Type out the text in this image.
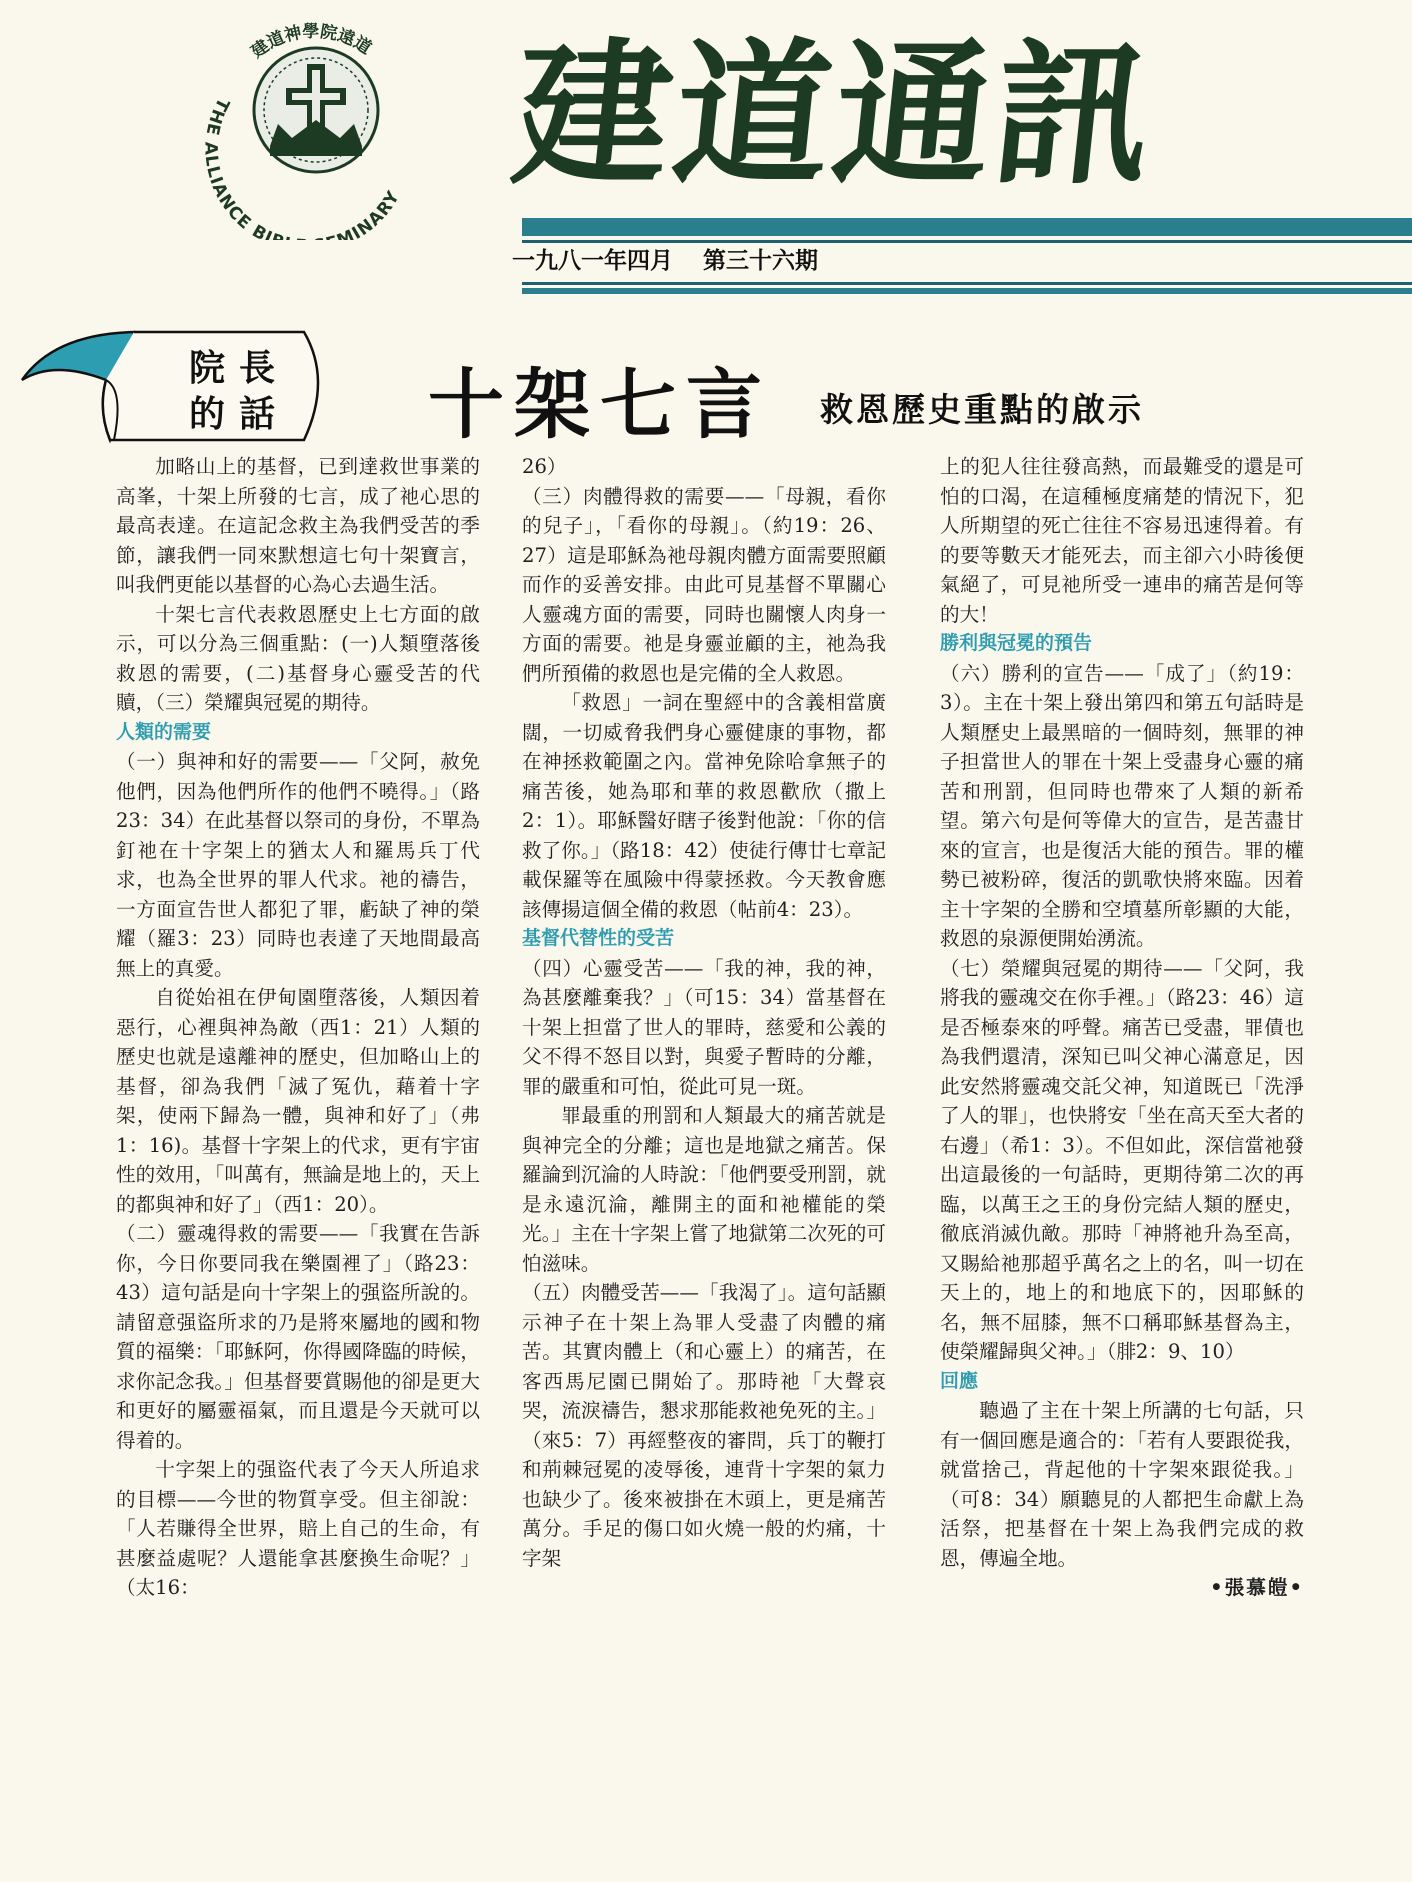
建道神學院遠道
THE ALLIANCE BI MINARY 建道通訊
一九八一年四月 第三十六期
院長
的話 十架七言 救恩歷史重點的啟示

加略山上的基督，已到達救世事業的高峯，十架上所發的七言，成了祂心思的最高表達。在這記念救主為我們受苦的季節，讓我們一同來默想這七句十架寶言，叫我們更能以基督的心為心去過生活。

十架七言代表救恩歷史上七方面的啟示，可以分為三個重點：(一)人類墮落後救恩的需要，(二)基督身心靈受苦的代贖，（三）榮耀與冠冕的期待。

人類的需要

（一）與神和好的需要——「父阿，赦免他們，因為他們所作的他們不曉得。」（路23：34）在此基督以祭司的身份，不單為釘祂在十字架上的猶太人和羅馬兵丁代求，也為全世界的罪人代求。祂的禱告，一方面宣告世人都犯了罪，虧缺了神的榮耀（羅3：23）同時也表達了天地間最高無上的真愛。

自從始祖在伊甸園墮落後，人類因着惡行，心裡與神為敵（西1：21）人類的歷史也就是遠離神的歷史，但加略山上的基督，卻為我們「滅了冤仇，藉着十字架，使兩下歸為一體，與神和好了」（弗1：16)。基督十字架上的代求，更有宇宙性的效用，「叫萬有，無論是地上的，天上的都與神和好了」（西1：20）。

（二）靈魂得救的需要——「我實在告訴你，今日你要同我在樂園裡了」（路23：43）這句話是向十字架上的强盜所說的。請留意强盜所求的乃是將來屬地的國和物質的福樂：「耶穌阿，你得國降臨的時候，求你記念我。」但基督要賞賜他的卻是更大和更好的屬靈福氣，而且還是今天就可以得着的。

十字架上的强盜代表了今天人所追求的目標——今世的物質享受。但主卻說：「人若賺得全世界，賠上自己的生命，有甚麼益處呢？人還能拿甚麼換生命呢？」（太16：

26）

（三）肉體得救的需要——「母親，看你的兒子」，「看你的母親」。（約19：26、27）這是耶穌為祂母親肉體方面需要照顧而作的妥善安排。由此可見基督不單關心人靈魂方面的需要，同時也關懷人肉身一方面的需要。祂是身靈並顧的主，祂為我們所預備的救恩也是完備的全人救恩。

「救恩」一詞在聖經中的含義相當廣闊，一切威脅我們身心靈健康的事物，都在神拯救範圍之內。當神免除哈拿無子的痛苦後，她為耶和華的救恩歡欣（撒上2：1）。耶穌醫好瞎子後對他說：「你的信救了你。」（路18：42）使徒行傳廿七章記載保羅等在風險中得蒙拯救。今天教會應該傳揚這個全備的救恩（帖前4：23）。

基督代替性的受苦

（四）心靈受苦——「我的神，我的神，為甚麼離棄我？」（可15：34）當基督在十架上担當了世人的罪時，慈愛和公義的父不得不怒目以對，與愛子暫時的分離，罪的嚴重和可怕，從此可見一斑。

罪最重的刑罰和人類最大的痛苦就是與神完全的分離；這也是地獄之痛苦。保羅論到沉淪的人時說：「他們要受刑罰，就是永遠沉淪，離開主的面和祂權能的榮光。」主在十字架上嘗了地獄第二次死的可怕滋味。

（五）肉體受苦——「我渴了」。這句話顯示神子在十架上為罪人受盡了肉體的痛苦。其實肉體上（和心靈上）的痛苦，在客西馬尼園已開始了。那時祂「大聲哀哭，流淚禱告，懇求那能救祂免死的主。」（來5：7）再經整夜的審問，兵丁的鞭打和荊棘冠冕的凌辱後，連背十字架的氣力也缺少了。後來被掛在木頭上，更是痛苦萬分。手足的傷口如火燒一般的灼痛，十字架

上的犯人往往發高熱，而最難受的還是可怕的口渴，在這種極度痛楚的情況下，犯人所期望的死亡往往不容易迅速得着。有的要等數天才能死去，而主卻六小時後便氣絕了，可見祂所受一連串的痛苦是何等的大！

勝利與冠冕的預告

（六）勝利的宣告——「成了」（約19：3）。主在十架上發出第四和第五句話時是人類歷史上最黑暗的一個時刻，無罪的神子担當世人的罪在十架上受盡身心靈的痛苦和刑罰，但同時也帶來了人類的新希望。第六句是何等偉大的宣告，是苦盡甘來的宣言，也是復活大能的預告。罪的權勢已被粉碎，復活的凱歌快將來臨。因着主十字架的全勝和空墳墓所彰顯的大能，救恩的泉源便開始湧流。

（七）榮耀與冠冕的期待——「父阿，我將我的靈魂交在你手裡。」（路23：46）這是否極泰來的呼聲。痛苦已受盡，罪債也為我們還清，深知已叫父神心滿意足，因此安然將靈魂交託父神，知道既已「洗淨了人的罪」，也快將安「坐在高天至大者的右邊」（希1：3）。不但如此，深信當祂發出這最後的一句話時，更期待第二次的再臨，以萬王之王的身份完結人類的歷史，徹底消滅仇敵。那時「神將祂升為至高，又賜給祂那超乎萬名之上的名，叫一切在天上的，地上的和地底下的，因耶穌的名，無不屈膝，無不口稱耶穌基督為主，使榮耀歸與父神。」（腓2：9、10）

回應

聽過了主在十架上所講的七句話，只有一個回應是適合的：「若有人要跟從我，就當捨己，背起他的十字架來跟從我。」（可8：34）願聽見的人都把生命獻上為活祭，把基督在十架上為我們完成的救恩，傳遍全地。

•張慕皚•
